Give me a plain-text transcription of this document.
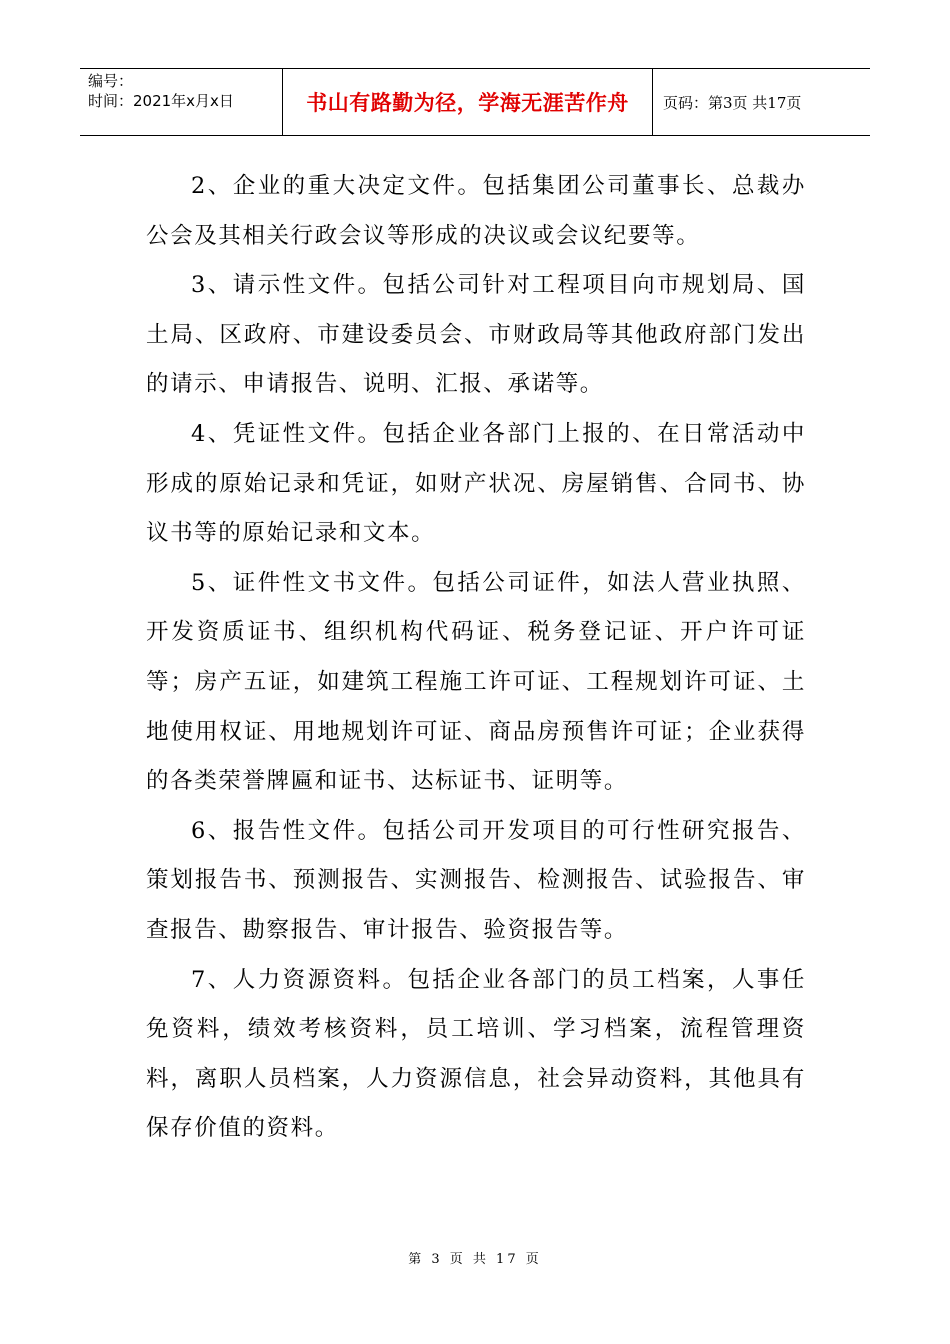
编号：
时间：2021年x月x日	书山有路勤为径，学海无涯苦作舟	页码：第3页 共17页

2、企业的重大决定文件。包括集团公司董事长、总裁办公会及其相关行政会议等形成的决议或会议纪要等。

3、请示性文件。包括公司针对工程项目向市规划局、国土局、区政府、市建设委员会、市财政局等其他政府部门发出的请示、申请报告、说明、汇报、承诺等。

4、凭证性文件。包括企业各部门上报的、在日常活动中形成的原始记录和凭证，如财产状况、房屋销售、合同书、协议书等的原始记录和文本。

5、证件性文书文件。包括公司证件，如法人营业执照、开发资质证书、组织机构代码证、税务登记证、开户许可证等；房产五证，如建筑工程施工许可证、工程规划许可证、土地使用权证、用地规划许可证、商品房预售许可证；企业获得的各类荣誉牌匾和证书、达标证书、证明等。

6、报告性文件。包括公司开发项目的可行性研究报告、策划报告书、预测报告、实测报告、检测报告、试验报告、审查报告、勘察报告、审计报告、验资报告等。

7、人力资源资料。包括企业各部门的员工档案，人事任免资料，绩效考核资料，员工培训、学习档案，流程管理资料，离职人员档案，人力资源信息，社会异动资料，其他具有保存价值的资料。

第 3 页 共 17 页
